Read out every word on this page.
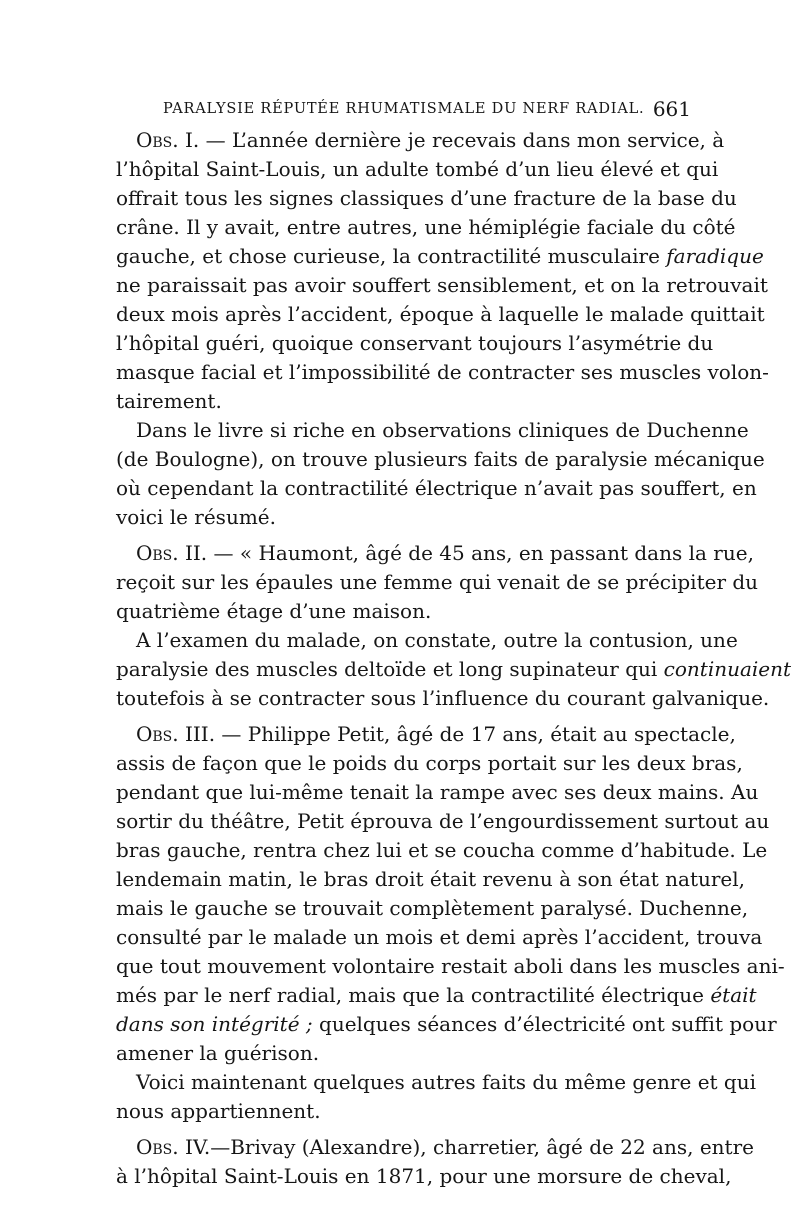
PARALYSIE RÉPUTÉE RHUMATISMALE DU NERF RADIAL. 661
Obs. I. — L’année dernière je recevais dans mon service, à
l’hôpital Saint-Louis, un adulte tombé d’un lieu élevé et qui
offrait tous les signes classiques d’une fracture de la base du
crâne. Il y avait, entre autres, une hémiplégie faciale du côté
gauche, et chose curieuse, la contractilité musculaire faradique
ne paraissait pas avoir souffert sensiblement, et on la retrouvait
deux mois après l’accident, époque à laquelle le malade quittait
l’hôpital guéri, quoique conservant toujours l’asymétrie du
masque facial et l’impossibilité de contracter ses muscles volon-
tairement.
Dans le livre si riche en observations cliniques de Duchenne
(de Boulogne), on trouve plusieurs faits de paralysie mécanique
où cependant la contractilité électrique n’avait pas souffert, en
voici le résumé.
Obs. II. — « Haumont, âgé de 45 ans, en passant dans la rue,
reçoit sur les épaules une femme qui venait de se précipiter du
quatrième étage d’une maison.
A l’examen du malade, on constate, outre la contusion, une
paralysie des muscles deltoïde et long supinateur qui continuaient
toutefois à se contracter sous l’influence du courant galvanique.
Obs. III. — Philippe Petit, âgé de 17 ans, était au spectacle,
assis de façon que le poids du corps portait sur les deux bras,
pendant que lui-même tenait la rampe avec ses deux mains. Au
sortir du théâtre, Petit éprouva de l’engourdissement surtout au
bras gauche, rentra chez lui et se coucha comme d’habitude. Le
lendemain matin, le bras droit était revenu à son état naturel,
mais le gauche se trouvait complètement paralysé. Duchenne,
consulté par le malade un mois et demi après l’accident, trouva
que tout mouvement volontaire restait aboli dans les muscles ani-
més par le nerf radial, mais que la contractilité électrique était
dans son intégrité ; quelques séances d’électricité ont suffit pour
amener la guérison.
Voici maintenant quelques autres faits du même genre et qui
nous appartiennent.
Obs. IV.—Brivay (Alexandre), charretier, âgé de 22 ans, entre
à l’hôpital Saint-Louis en 1871, pour une morsure de cheval,
